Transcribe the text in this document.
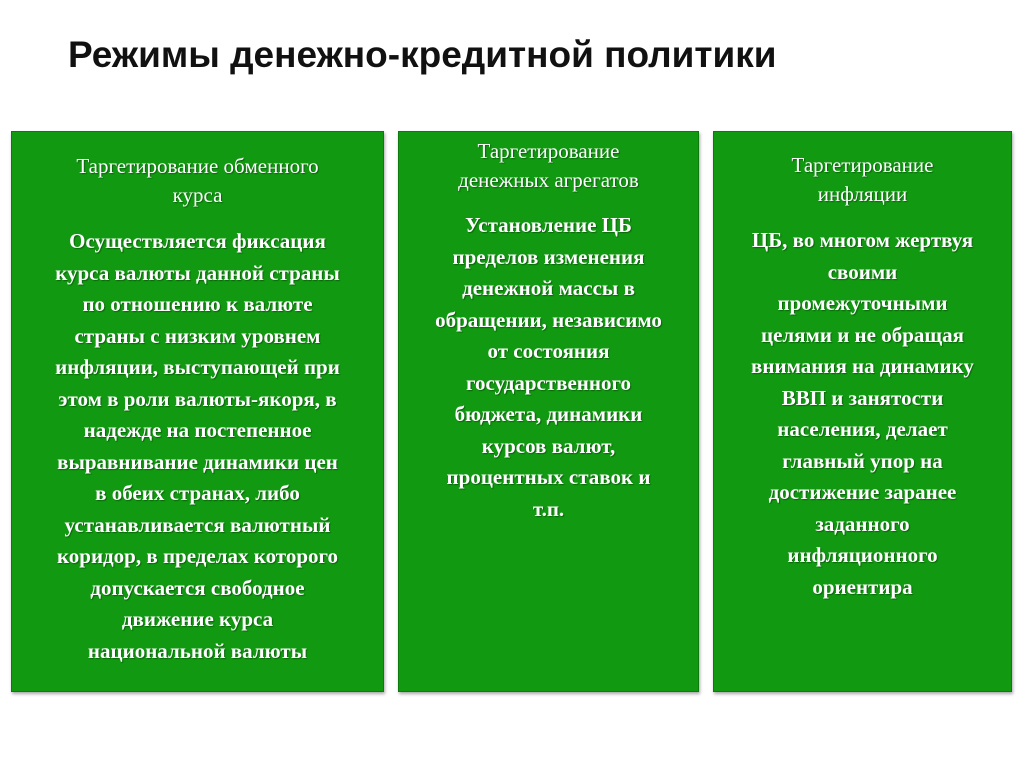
Режимы денежно-кредитной политики
Таргетирование обменного
курса
Осуществляется фиксация
курса валюты данной страны
по отношению к валюте
страны с низким уровнем
инфляции, выступающей при
этом в роли валюты-якоря, в
надежде на постепенное
выравнивание динамики цен
в обеих странах, либо
устанавливается валютный
коридор, в пределах которого
допускается свободное
движение курса
национальной валюты
Таргетирование
денежных агрегатов
Установление ЦБ
пределов изменения
денежной массы в
обращении, независимо
от состояния
государственного
бюджета, динамики
курсов валют,
процентных ставок и
т.п.
Таргетирование
инфляции
ЦБ, во многом жертвуя
своими
промежуточными
целями и не обращая
внимания на динамику
ВВП и занятости
населения, делает
главный упор на
достижение заранее
заданного
инфляционного
ориентира
